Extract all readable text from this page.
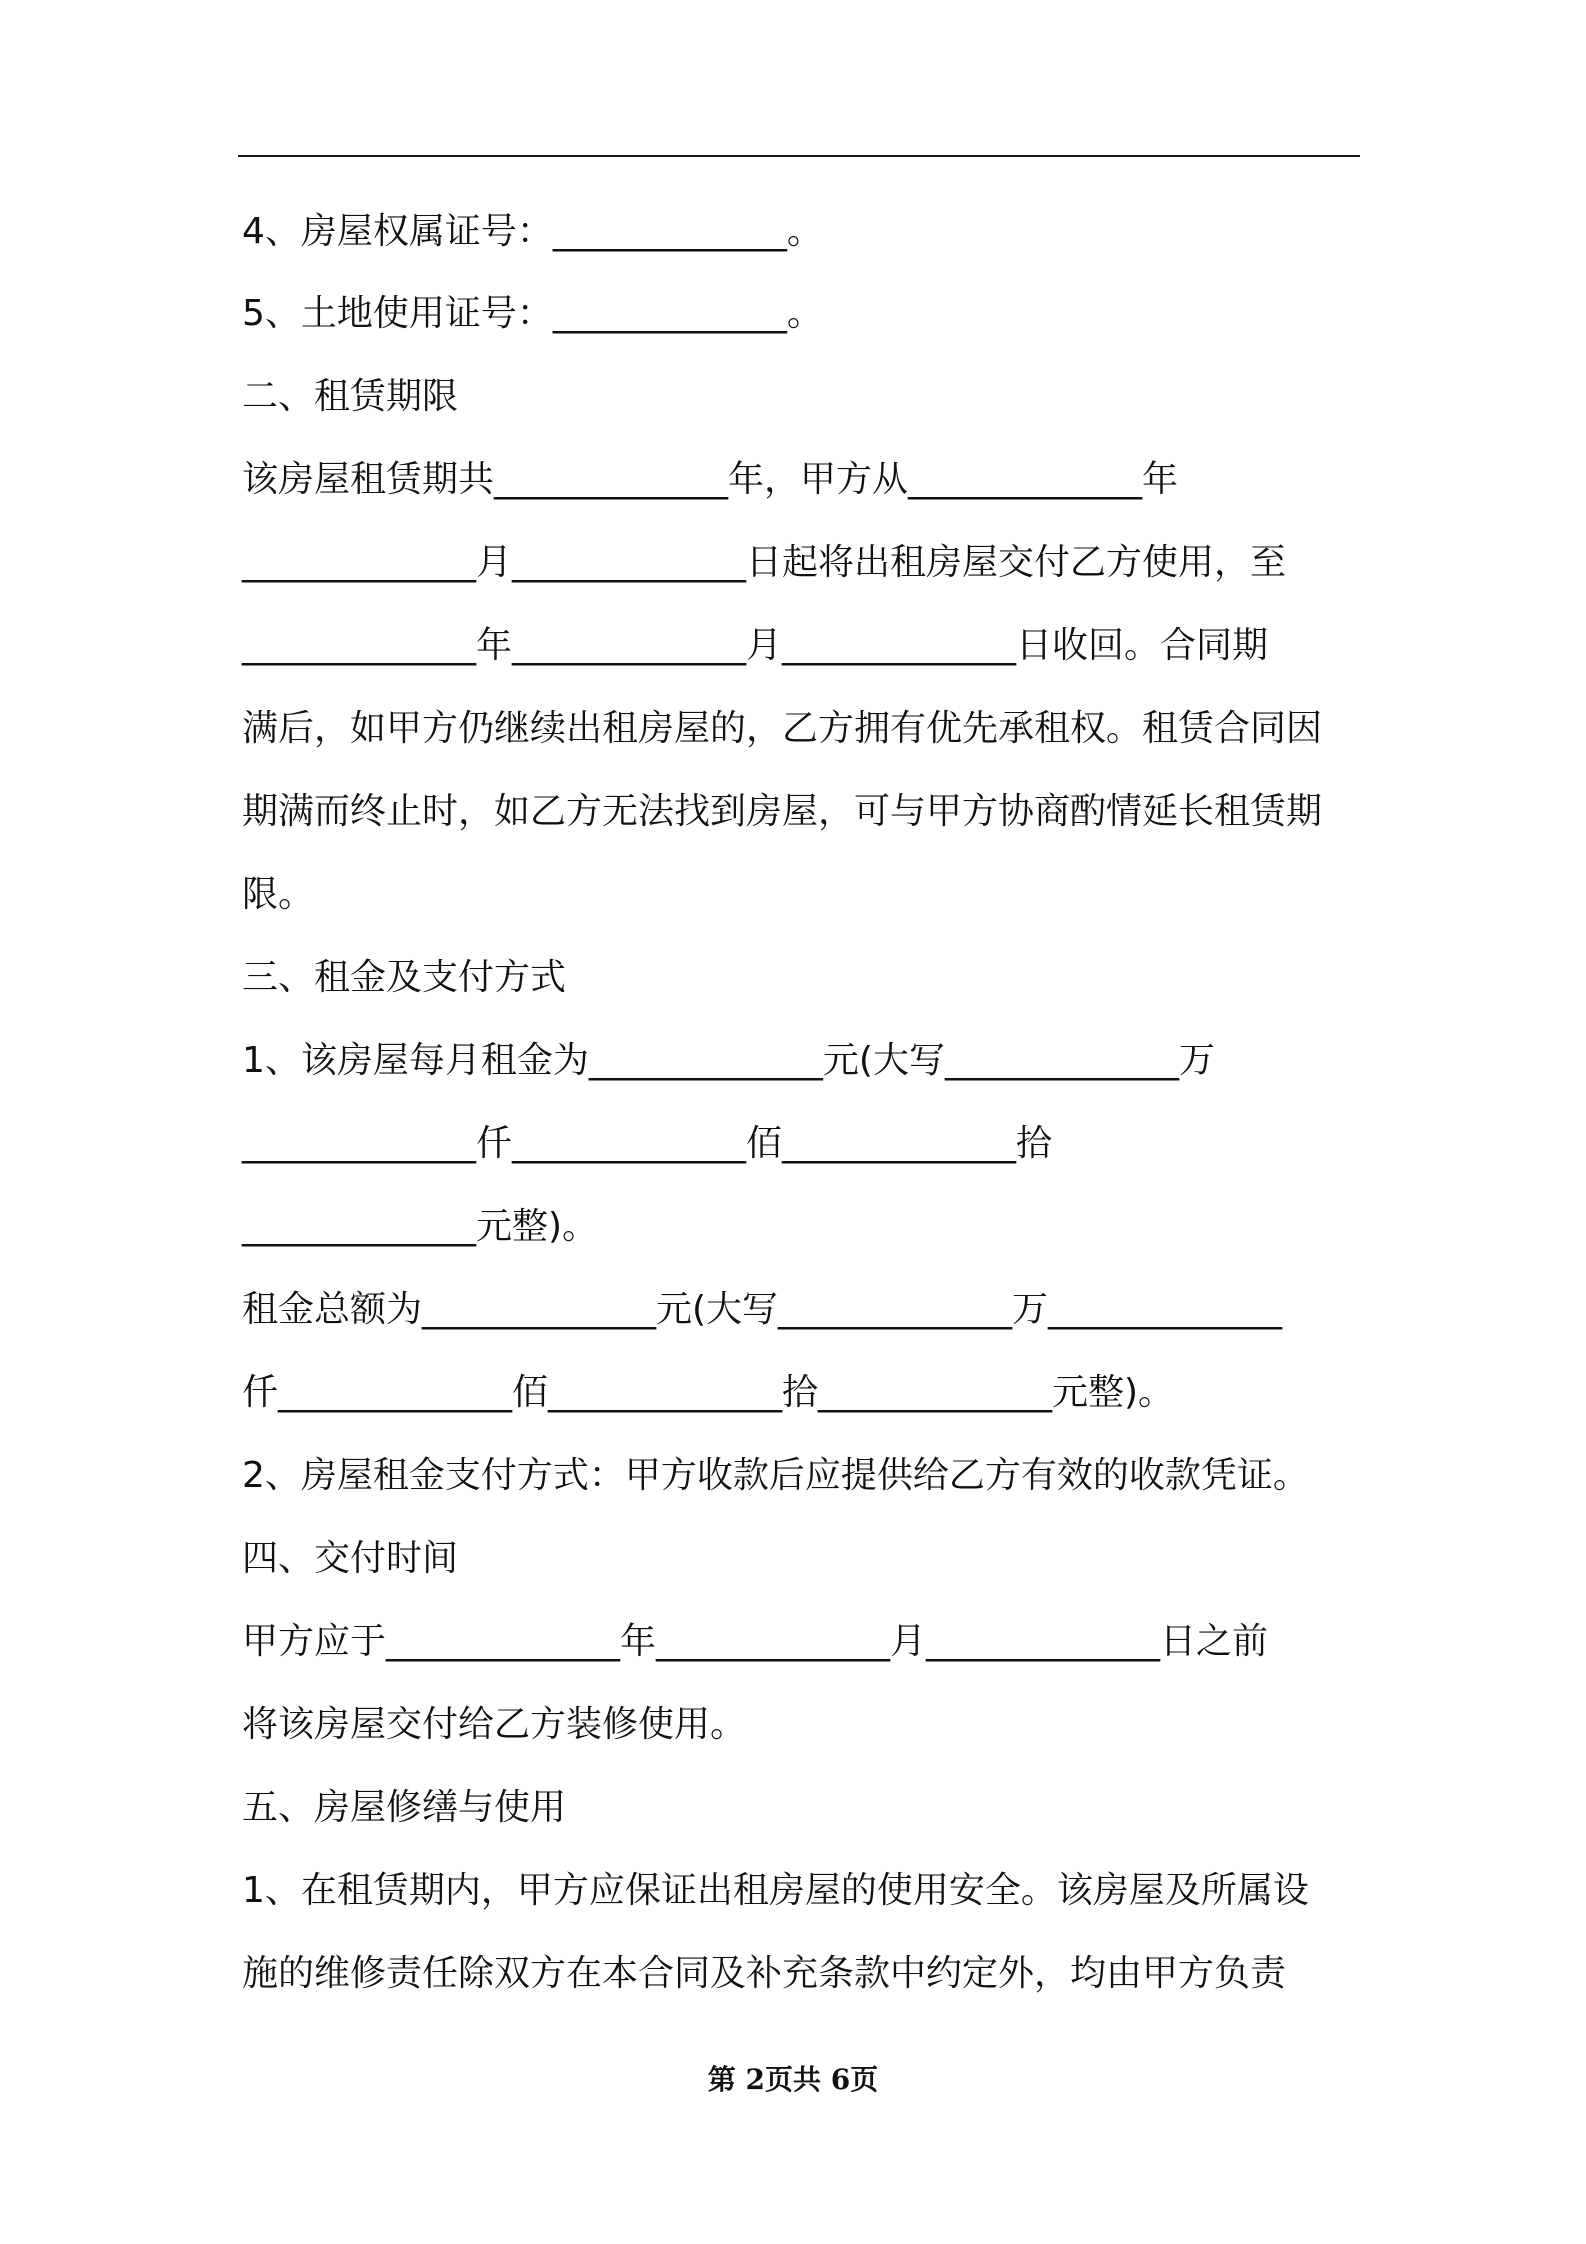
4、房屋权属证号：_____________。
5、土地使用证号：_____________。
二、租赁期限
该房屋租赁期共_____________年，甲方从_____________年
_____________月_____________日起将出租房屋交付乙方使用，至
_____________年_____________月_____________日收回。合同期
满后，如甲方仍继续出租房屋的，乙方拥有优先承租权。租赁合同因
期满而终止时，如乙方无法找到房屋，可与甲方协商酌情延长租赁期
限。
三、租金及支付方式
1、该房屋每月租金为_____________元(大写_____________万
_____________仟_____________佰_____________拾
_____________元整)。
租金总额为_____________元(大写_____________万_____________
仟_____________佰_____________拾_____________元整)。
2、房屋租金支付方式：甲方收款后应提供给乙方有效的收款凭证。
四、交付时间
甲方应于_____________年_____________月_____________日之前
将该房屋交付给乙方装修使用。
五、房屋修缮与使用
1、在租赁期内，甲方应保证出租房屋的使用安全。该房屋及所属设
施的维修责任除双方在本合同及补充条款中约定外，均由甲方负责
第 2页共 6页
